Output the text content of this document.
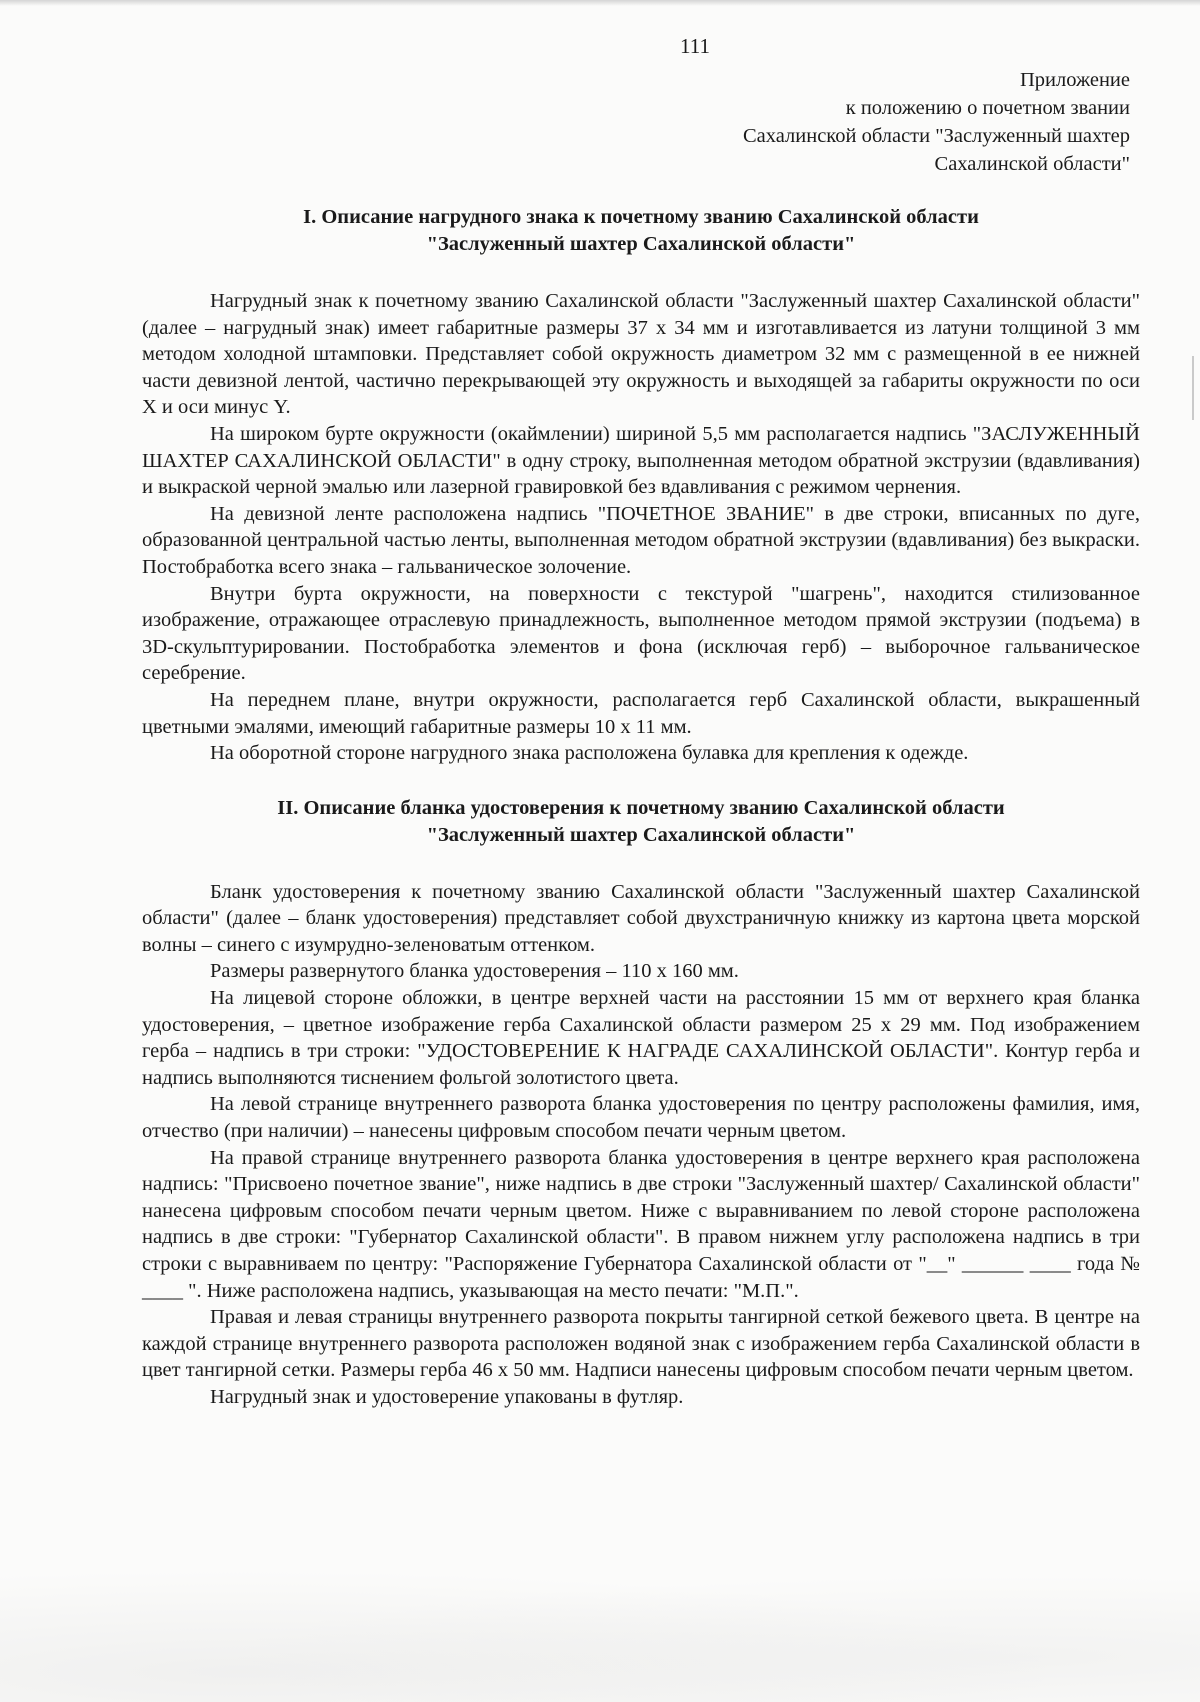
111
Приложение
к положению о почетном звании
Сахалинской области "Заслуженный шахтер
Сахалинской области"
I. Описание нагрудного знака к почетному званию Сахалинской области
"Заслуженный шахтер Сахалинской области"

Нагрудный знак к почетному званию Сахалинской области "Заслуженный шахтер Сахалинской области" (далее – нагрудный знак) имеет габаритные размеры 37 х 34 мм и изготавливается из латуни толщиной 3 мм методом холодной штамповки. Представляет собой окружность диаметром 32 мм с размещенной в ее нижней части девизной лентой, частично перекрывающей эту окружность и выходящей за габариты окружности по оси X и оси минус Y.

На широком бурте окружности (окаймлении) шириной 5,5 мм располагается надпись "ЗАСЛУЖЕННЫЙ ШАХТЕР САХАЛИНСКОЙ ОБЛАСТИ" в одну строку, выполненная методом обратной экструзии (вдавливания) и выкраской черной эмалью или лазерной гравировкой без вдавливания с режимом чернения.

На девизной ленте расположена надпись "ПОЧЕТНОЕ ЗВАНИЕ" в две строки, вписанных по дуге, образованной центральной частью ленты, выполненная методом обратной экструзии (вдавливания) без выкраски. Постобработка всего знака – гальваническое золочение.

Внутри бурта окружности, на поверхности с текстурой "шагрень", находится стилизованное изображение, отражающее отраслевую принадлежность, выполненное методом прямой экструзии (подъема) в 3D-скульптурировании. Постобработка элементов и фона (исключая герб) – выборочное гальваническое серебрение.

На переднем плане, внутри окружности, располагается герб Сахалинской области, выкрашенный цветными эмалями, имеющий габаритные размеры 10 х 11 мм.

На оборотной стороне нагрудного знака расположена булавка для крепления к одежде.

II. Описание бланка удостоверения к почетному званию Сахалинской области
"Заслуженный шахтер Сахалинской области"

Бланк удостоверения к почетному званию Сахалинской области "Заслуженный шахтер Сахалинской области" (далее – бланк удостоверения) представляет собой двухстраничную книжку из картона цвета морской волны – синего с изумрудно-зеленоватым оттенком.

Размеры развернутого бланка удостоверения – 110 х 160 мм.

На лицевой стороне обложки, в центре верхней части на расстоянии 15 мм от верхнего края бланка удостоверения, – цветное изображение герба Сахалинской области размером 25 х 29 мм. Под изображением герба – надпись в три строки: "УДОСТОВЕРЕНИЕ К НАГРАДЕ САХАЛИНСКОЙ ОБЛАСТИ". Контур герба и надпись выполняются тиснением фольгой золотистого цвета.

На левой странице внутреннего разворота бланка удостоверения по центру расположены фамилия, имя, отчество (при наличии) – нанесены цифровым способом печати черным цветом.

На правой странице внутреннего разворота бланка удостоверения в центре верхнего края расположена надпись: "Присвоено почетное звание", ниже надпись в две строки "Заслуженный шахтер/ Сахалинской области" нанесена цифровым способом печати черным цветом. Ниже с выравниванием по левой стороне расположена надпись в две строки: "Губернатор Сахалинской области". В правом нижнем углу расположена надпись в три строки с выравниваем по центру: "Распоряжение Губернатора Сахалинской области от "__" ______ ____ года № ____ ". Ниже расположена надпись, указывающая на место печати: "М.П.".

Правая и левая страницы внутреннего разворота покрыты тангирной сеткой бежевого цвета. В центре на каждой странице внутреннего разворота расположен водяной знак с изображением герба Сахалинской области в цвет тангирной сетки. Размеры герба 46 х 50 мм. Надписи нанесены цифровым способом печати черным цветом.

Нагрудный знак и удостоверение упакованы в футляр.
